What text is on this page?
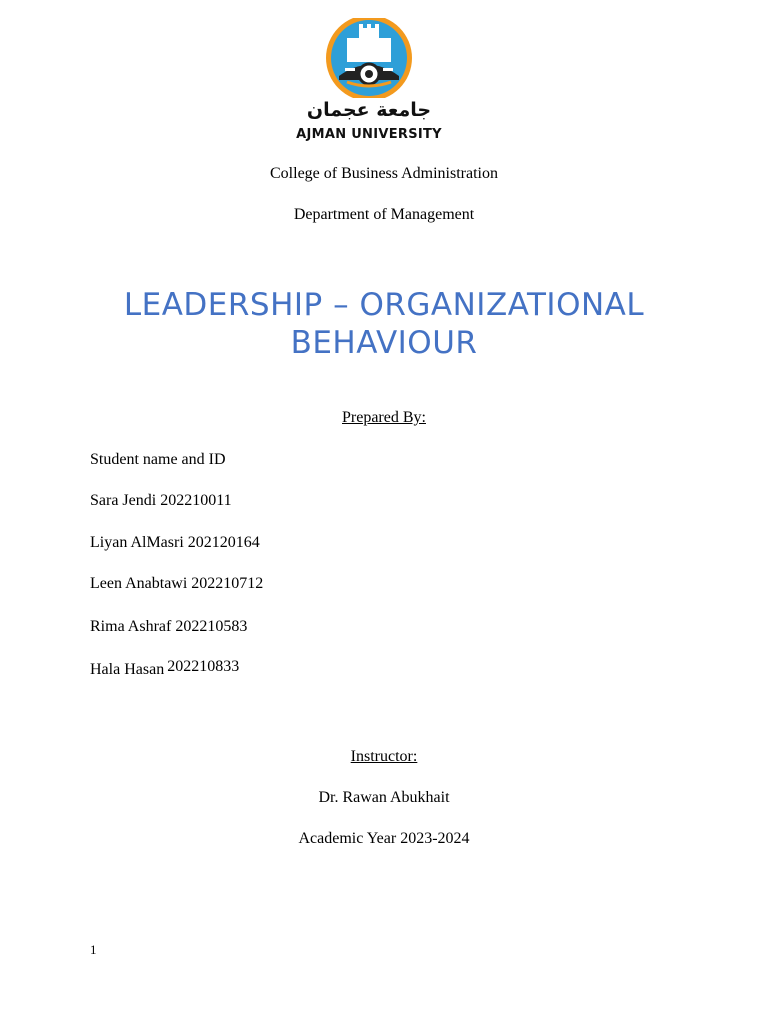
جامعة عجمان
AJMAN UNIVERSITY
College of Business Administration
Department of Management
LEADERSHIP – ORGANIZATIONAL BEHAVIOUR
Prepared By:
Student name and ID
Sara Jendi 202210011
Liyan AlMasri 202120164
Leen Anabtawi 202210712
Rima Ashraf 202210583
Hala Hasan 202210833
Instructor:
Dr. Rawan Abukhait
Academic Year 2023-2024
1
